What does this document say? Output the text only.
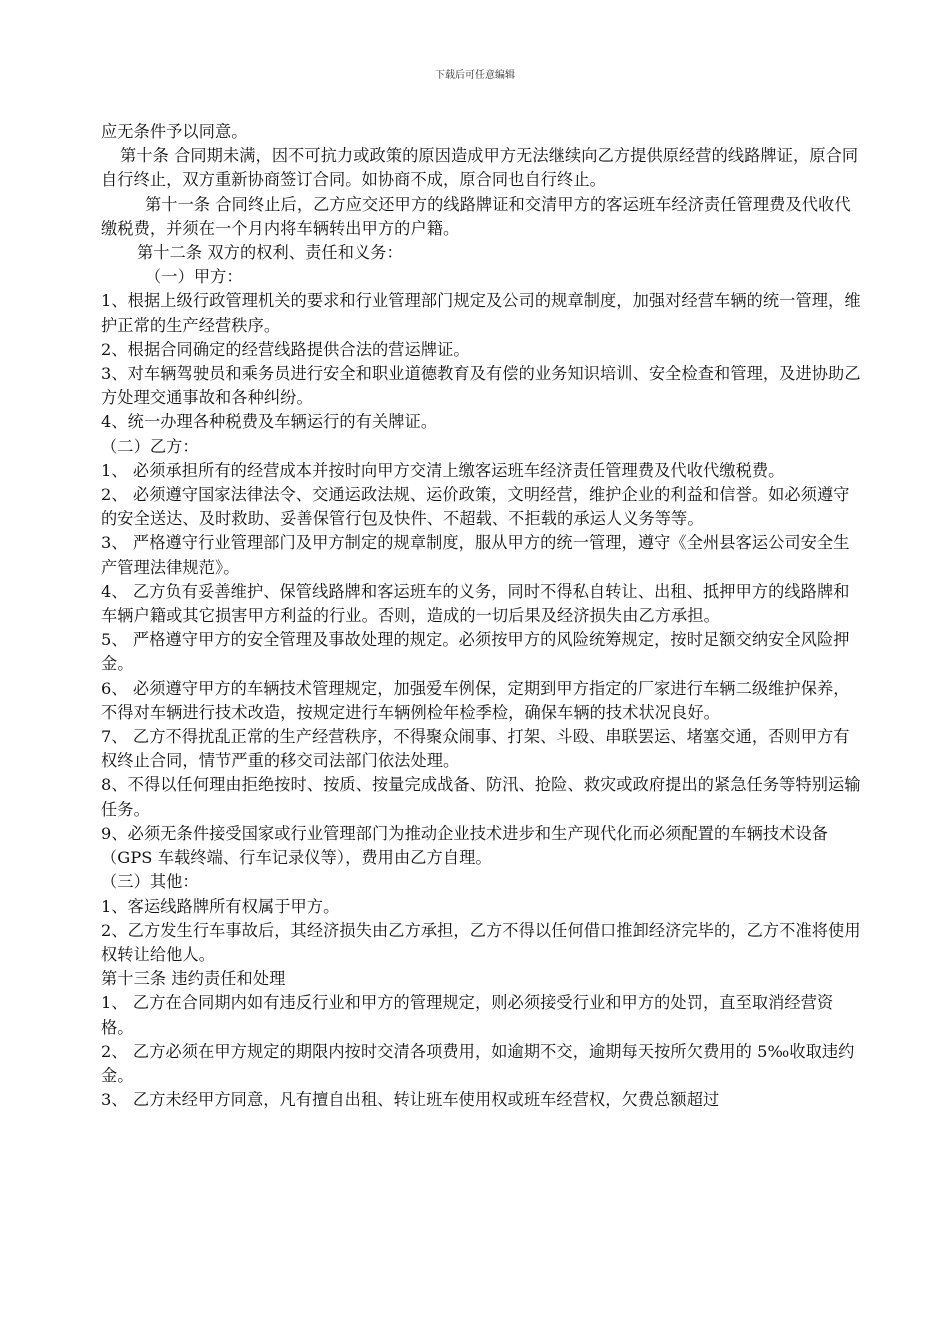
下载后可任意编辑

应无条件予以同意。

第十条 合同期未满，因不可抗力或政策的原因造成甲方无法继续向乙方提供原经营的线路牌证，原合同自行终止，双方重新协商签订合同。如协商不成，原合同也自行终止。

第十一条 合同终止后，乙方应交还甲方的线路牌证和交清甲方的客运班车经济责任管理费及代收代缴税费，并须在一个月内将车辆转出甲方的户籍。

第十二条 双方的权利、责任和义务：

（一）甲方：

1、根据上级行政管理机关的要求和行业管理部门规定及公司的规章制度，加强对经营车辆的统一管理，维护正常的生产经营秩序。

2、根据合同确定的经营线路提供合法的营运牌证。

3、对车辆驾驶员和乘务员进行安全和职业道德教育及有偿的业务知识培训、安全检查和管理，及进协助乙方处理交通事故和各种纠纷。

4、统一办理各种税费及车辆运行的有关牌证。

（二）乙方：

1、 必须承担所有的经营成本并按时向甲方交清上缴客运班车经济责任管理费及代收代缴税费。

2、 必须遵守国家法律法令、交通运政法规、运价政策，文明经营，维护企业的利益和信誉。如必须遵守的安全送达、及时救助、妥善保管行包及快件、不超载、不拒载的承运人义务等等。

3、 严格遵守行业管理部门及甲方制定的规章制度，服从甲方的统一管理，遵守《全州县客运公司安全生产管理法律规范》。

4、 乙方负有妥善维护、保管线路牌和客运班车的义务，同时不得私自转让、出租、抵押甲方的线路牌和车辆户籍或其它损害甲方利益的行业。否则，造成的一切后果及经济损失由乙方承担。

5、 严格遵守甲方的安全管理及事故处理的规定。必须按甲方的风险统筹规定，按时足额交纳安全风险押金。

6、 必须遵守甲方的车辆技术管理规定，加强爱车例保，定期到甲方指定的厂家进行车辆二级维护保养，不得对车辆进行技术改造，按规定进行车辆例检年检季检，确保车辆的技术状况良好。

7、 乙方不得扰乱正常的生产经营秩序，不得聚众闹事、打架、斗殴、串联罢运、堵塞交通，否则甲方有权终止合同，情节严重的移交司法部门依法处理。

8、不得以任何理由拒绝按时、按质、按量完成战备、防汛、抢险、救灾或政府提出的紧急任务等特别运输任务。

9、必须无条件接受国家或行业管理部门为推动企业技术进步和生产现代化而必须配置的车辆技术设备（GPS 车载终端、行车记录仪等），费用由乙方自理。

（三）其他：

1、客运线路牌所有权属于甲方。

2、乙方发生行车事故后，其经济损失由乙方承担，乙方不得以任何借口推卸经济完毕的，乙方不准将使用权转让给他人。

第十三条 违约责任和处理

1、 乙方在合同期内如有违反行业和甲方的管理规定，则必须接受行业和甲方的处罚，直至取消经营资格。

2、 乙方必须在甲方规定的期限内按时交清各项费用，如逾期不交，逾期每天按所欠费用的 5‰收取违约金。

3、 乙方未经甲方同意，凡有擅自出租、转让班车使用权或班车经营权，欠费总额超过
